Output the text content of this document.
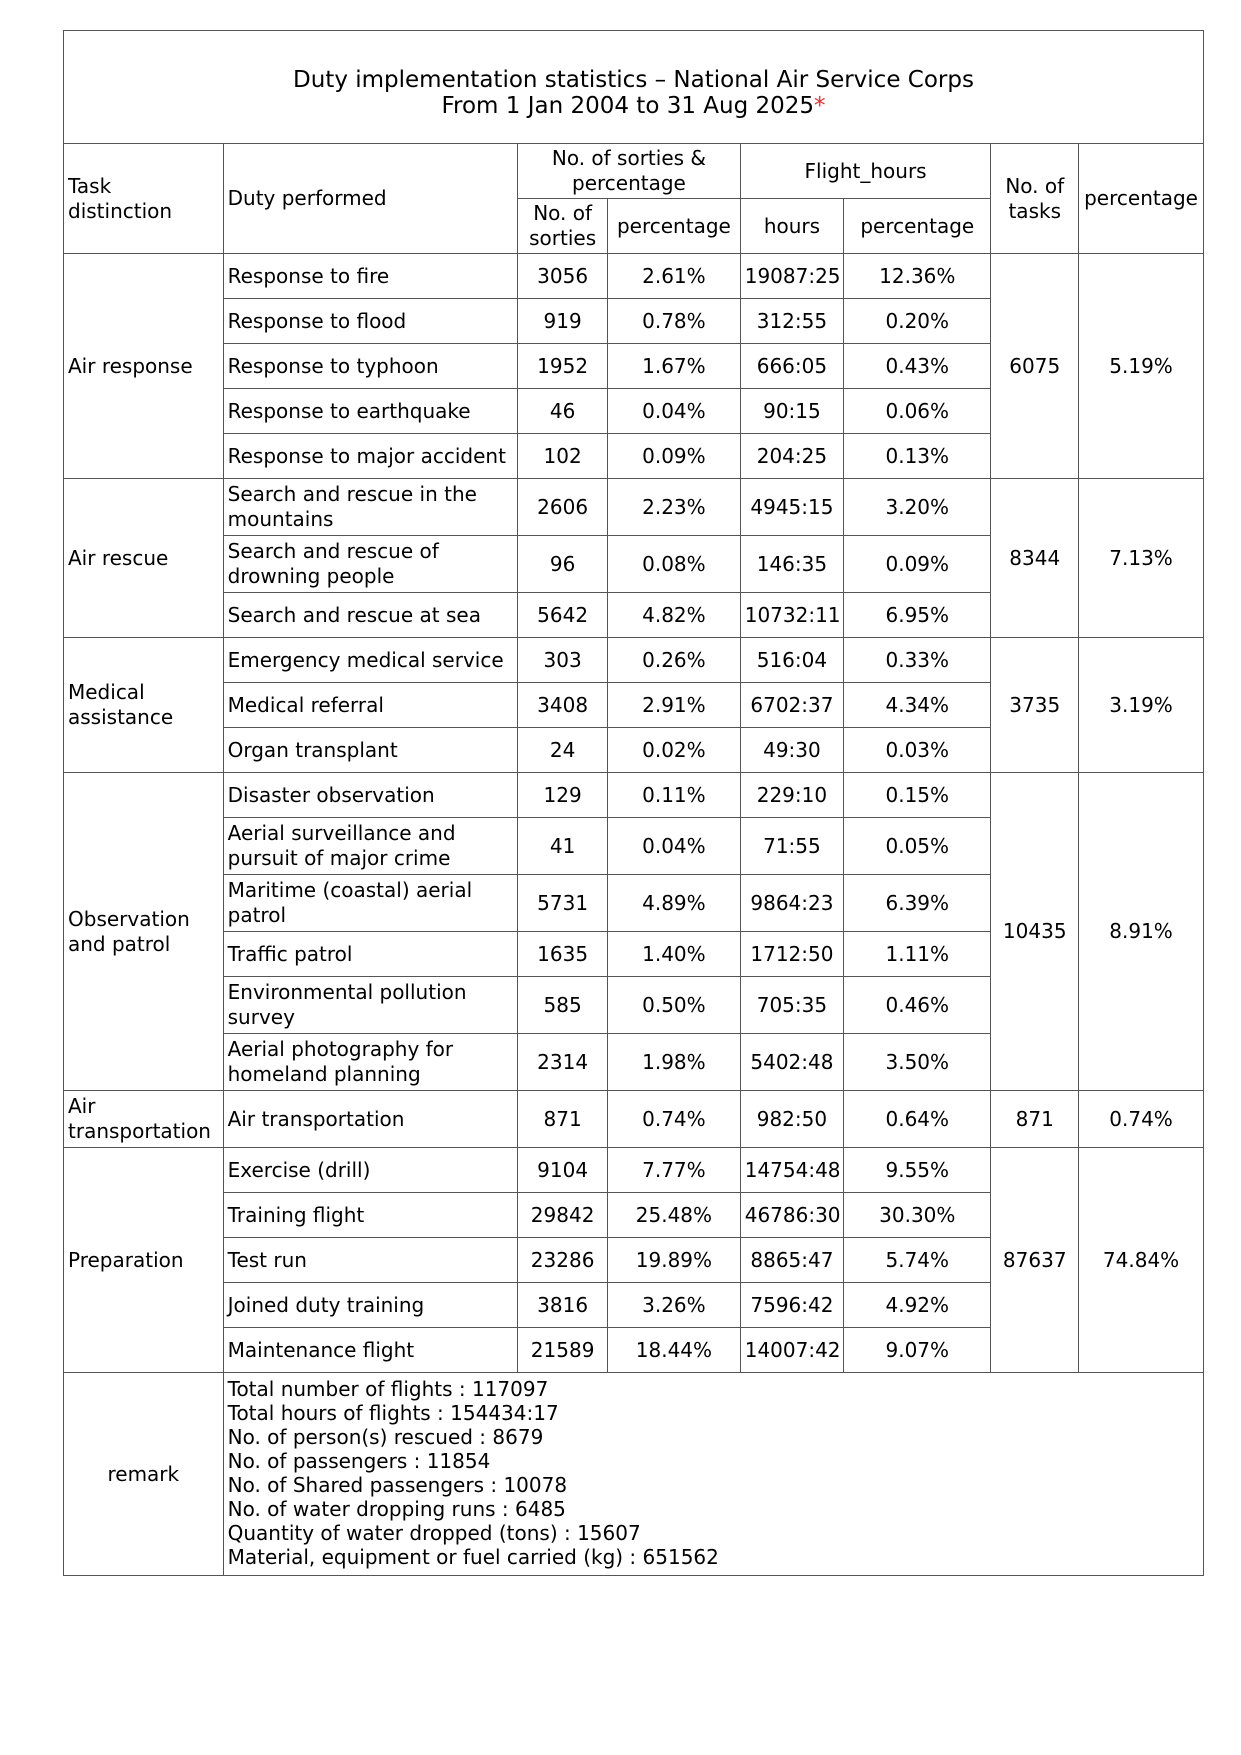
Duty implementation statistics – National Air Service Corps
From 1 Jan 2004 to 31 Aug 2025*							
Task distinction	Duty performed	No. of sorties & percentage		Flight_hours		No. of tasks	percentage
		No. of sorties	percentage	hours	percentage		
Air response	Response to fire	3056	2.61%	19087:25	12.36%	6075	5.19%
	Response to flood	919	0.78%	312:55	0.20%		
	Response to typhoon	1952	1.67%	666:05	0.43%		
	Response to earthquake	46	0.04%	90:15	0.06%		
	Response to major accident	102	0.09%	204:25	0.13%		
Air rescue	Search and rescue in the mountains	2606	2.23%	4945:15	3.20%	8344	7.13%
	Search and rescue of drowning people	96	0.08%	146:35	0.09%		
	Search and rescue at sea	5642	4.82%	10732:11	6.95%		
Medical assistance	Emergency medical service	303	0.26%	516:04	0.33%	3735	3.19%
	Medical referral	3408	2.91%	6702:37	4.34%		
	Organ transplant	24	0.02%	49:30	0.03%		
Observation and patrol	Disaster observation	129	0.11%	229:10	0.15%	10435	8.91%
	Aerial surveillance and pursuit of major crime	41	0.04%	71:55	0.05%		
	Maritime (coastal) aerial patrol	5731	4.89%	9864:23	6.39%		
	Traffic patrol	1635	1.40%	1712:50	1.11%		
	Environmental pollution survey	585	0.50%	705:35	0.46%		
	Aerial photography for homeland planning	2314	1.98%	5402:48	3.50%		
Air transportation	Air transportation	871	0.74%	982:50	0.64%	871	0.74%
Preparation	Exercise (drill)	9104	7.77%	14754:48	9.55%	87637	74.84%
	Training flight	29842	25.48%	46786:30	30.30%		
	Test run	23286	19.89%	8865:47	5.74%		
	Joined duty training	3816	3.26%	7596:42	4.92%		
	Maintenance flight	21589	18.44%	14007:42	9.07%		
remark	
Total number of flights : 117097
Total hours of flights : 154434:17
No. of person(s) rescued : 8679
No. of passengers : 11854
No. of Shared passengers : 10078
No. of water dropping runs : 6485
Quantity of water dropped (tons) : 15607
Material, equipment or fuel carried (kg) : 651562
